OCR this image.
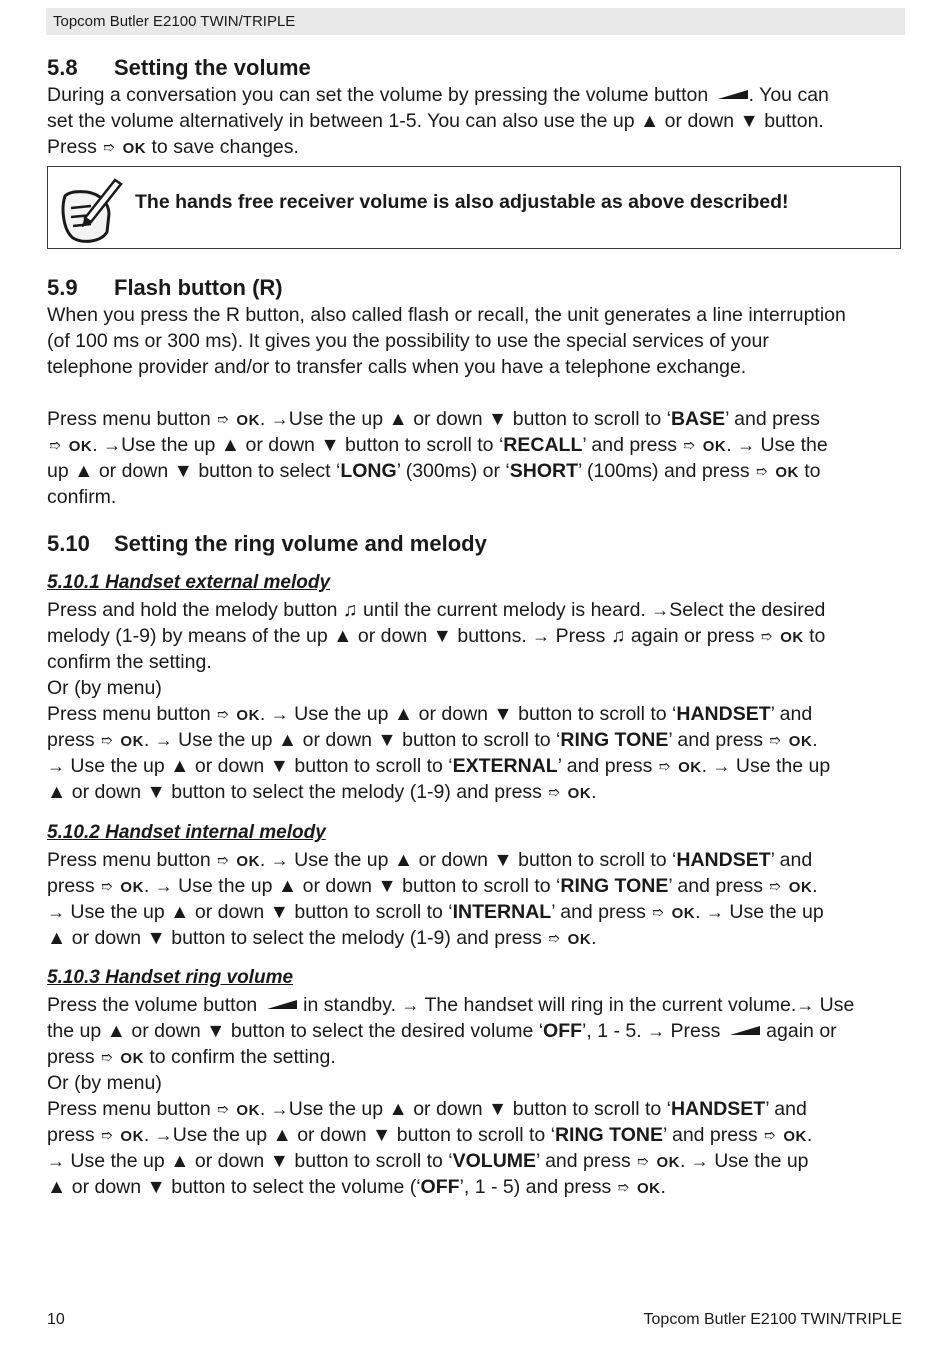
Topcom Butler E2100 TWIN/TRIPLE
5.8 Setting the volume
During a conversation you can set the volume by pressing the volume button . You can
set the volume alternatively in between 1-5. You can also use the up ▲ or down ▼ button.
Press ➱ OK to save changes.
The hands free receiver volume is also adjustable as above described!
5.9 Flash button (R)
When you press the R button, also called flash or recall, the unit generates a line interruption
(of 100 ms or 300 ms). It gives you the possibility to use the special services of your
telephone provider and/or to transfer calls when you have a telephone exchange.
Press menu button ➱ OK. →Use the up ▲ or down ▼ button to scroll to ‘BASE’ and press
➱ OK. →Use the up ▲ or down ▼ button to scroll to ‘RECALL’ and press ➱ OK. → Use the
up ▲ or down ▼ button to select ‘LONG’ (300ms) or ‘SHORT’ (100ms) and press ➱ OK to
confirm.
5.10 Setting the ring volume and melody
5.10.1 Handset external melody
Press and hold the melody button ♫ until the current melody is heard. →Select the desired
melody (1-9) by means of the up ▲ or down ▼ buttons. → Press ♫ again or press ➱ OK to
confirm the setting.
Or (by menu)
Press menu button ➱ OK. → Use the up ▲ or down ▼ button to scroll to ‘HANDSET’ and
press ➱ OK. → Use the up ▲ or down ▼ button to scroll to ‘RING TONE’ and press ➱ OK.
→ Use the up ▲ or down ▼ button to scroll to ‘EXTERNAL’ and press ➱ OK. → Use the up
▲ or down ▼ button to select the melody (1-9) and press ➱ OK.
5.10.2 Handset internal melody
Press menu button ➱ OK. → Use the up ▲ or down ▼ button to scroll to ‘HANDSET’ and
press ➱ OK. → Use the up ▲ or down ▼ button to scroll to ‘RING TONE’ and press ➱ OK.
→ Use the up ▲ or down ▼ button to scroll to ‘INTERNAL’ and press ➱ OK. → Use the up
▲ or down ▼ button to select the melody (1-9) and press ➱ OK.
5.10.3 Handset ring volume
Press the volume button  in standby. → The handset will ring in the current volume.→ Use
the up ▲ or down ▼ button to select the desired volume ‘OFF’, 1 - 5. → Press  again or
press ➱ OK to confirm the setting.
Or (by menu)
Press menu button ➱ OK. →Use the up ▲ or down ▼ button to scroll to ‘HANDSET’ and
press ➱ OK. →Use the up ▲ or down ▼ button to scroll to ‘RING TONE’ and press ➱ OK.
→ Use the up ▲ or down ▼ button to scroll to ‘VOLUME’ and press ➱ OK. → Use the up
▲ or down ▼ button to select the volume (‘OFF’, 1 - 5) and press ➱ OK.
10	Topcom Butler E2100 TWIN/TRIPLE
